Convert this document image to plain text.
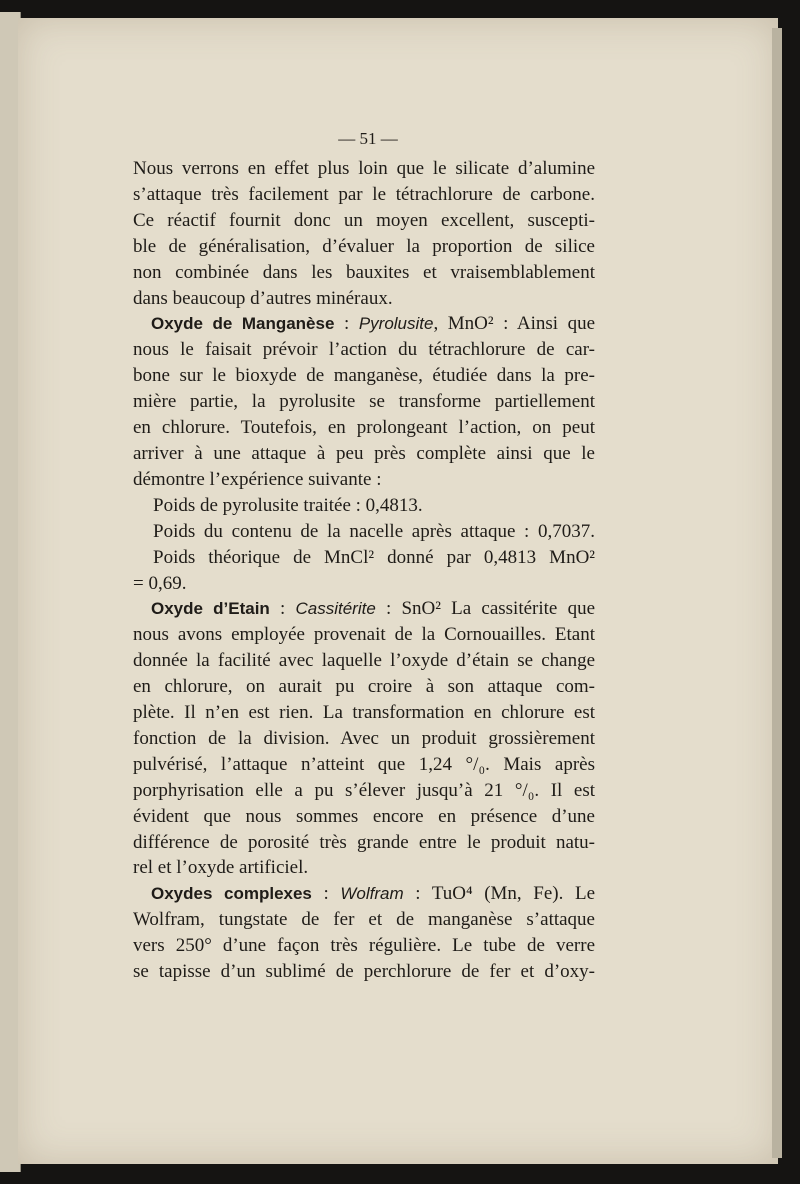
— 51 —
Nous verrons en effet plus loin que le silicate d’alumine
s’attaque très facilement par le tétrachlorure de carbone.
Ce réactif fournit donc un moyen excellent, suscepti-
ble de généralisation, d’évaluer la proportion de silice
non combinée dans les bauxites et vraisemblablement
dans beaucoup d’autres minéraux.
Oxyde de Manganèse : Pyrolusite, MnO² : Ainsi que
nous le faisait prévoir l’action du tétrachlorure de car-
bone sur le bioxyde de manganèse, étudiée dans la pre-
mière partie, la pyrolusite se transforme partiellement
en chlorure. Toutefois, en prolongeant l’action, on peut
arriver à une attaque à peu près complète ainsi que le
démontre l’expérience suivante :
Poids de pyrolusite traitée : 0,4813.
Poids du contenu de la nacelle après attaque : 0,7037.
Poids théorique de MnCl² donné par 0,4813 MnO²
= 0,69.
Oxyde d’Etain : Cassitérite : SnO² La cassitérite que
nous avons employée provenait de la Cornouailles. Etant
donnée la facilité avec laquelle l’oxyde d’étain se change
en chlorure, on aurait pu croire à son attaque com-
plète. Il n’en est rien. La transformation en chlorure est
fonction de la division. Avec un produit grossièrement
pulvérisé, l’attaque n’atteint que 1,24 °/₀. Mais après
porphyrisation elle a pu s’élever jusqu’à 21 °/₀. Il est
évident que nous sommes encore en présence d’une
différence de porosité très grande entre le produit natu-
rel et l’oxyde artificiel.
Oxydes complexes : Wolfram : TuO⁴ (Mn, Fe). Le
Wolfram, tungstate de fer et de manganèse s’attaque
vers 250° d’une façon très régulière. Le tube de verre
se tapisse d’un sublimé de perchlorure de fer et d’oxy-
